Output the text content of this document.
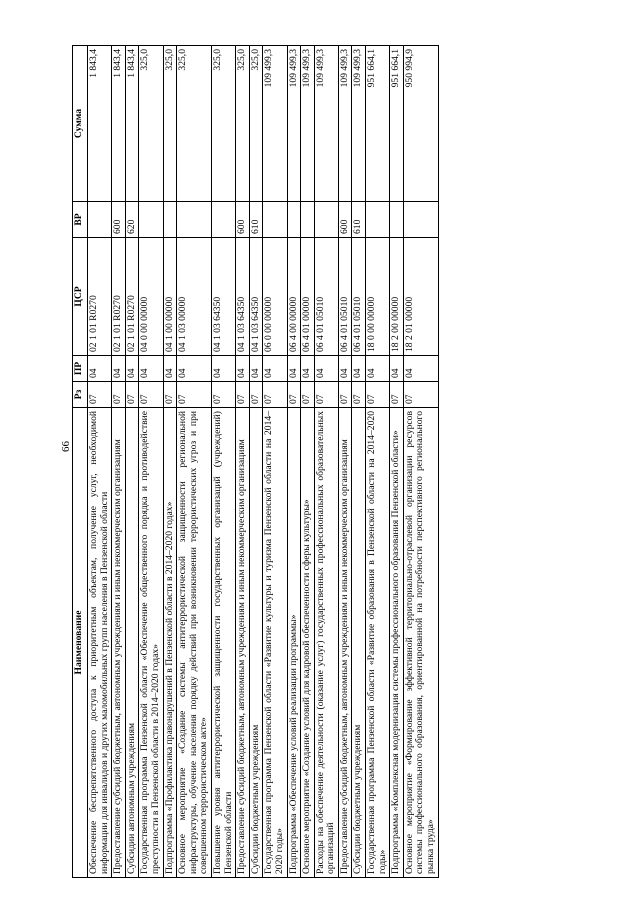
66
Наименование	Рз	ПР	ЦСР	ВР	Сумма
Обеспечение беспрепятственного доступа к приоритетным объектам, получение услуг, необходимой информации для инвалидов и других маломобильных групп населения в Пензенской области	07	04	02 1 01 R0270		1 843,4
Предоставление субсидий бюджетным, автономным учреждениям и иным некоммерческим организациям	07	04	02 1 01 R0270	600	1 843,4
Субсидии автономным учреждениям	07	04	02 1 01 R0270	620	1 843,4
Государственная программа Пензенской области «Обеспечение общественного порядка и противодействие преступности в Пензенской области в 2014–2020 годах»	07	04	04 0 00 00000		325,0
Подпрограмма «Профилактика правонарушений в Пензенской области в 2014–2020 годах»	07	04	04 1 00 00000		325,0
Основное мероприятие «Создание системы антитеррористической защищенности региональной инфраструктуры, обучение населения порядку действий при возникновении террористических угроз и при совершенном террористическом акте»	07	04	04 1 03 00000		325,0
Повышение уровня антитеррористической защищенности государственных организаций (учреждений) Пензенской области	07	04	04 1 03 64350		325,0
Предоставление субсидий бюджетным, автономным учреждениям и иным некоммерческим организациям	07	04	04 1 03 64350	600	325,0
Субсидии бюджетным учреждениям	07	04	04 1 03 64350	610	325,0
Государственная программа Пензенской области «Развитие культуры и туризма Пензенской области на 2014–2020 годы»	07	04	06 0 00 00000		109 499,3
Подпрограмма «Обеспечение условий реализации программы»	07	04	06 4 00 00000		109 499,3
Основное мероприятие «Создание условий для кадровой обеспеченности сферы культуры»	07	04	06 4 01 00000		109 499,3
Расходы на обеспечение деятельности (оказание услуг) государственных профессиональных образовательных организаций	07	04	06 4 01 05010		109 499,3
Предоставление субсидий бюджетным, автономным учреждениям и иным некоммерческим организациям	07	04	06 4 01 05010	600	109 499,3
Субсидии бюджетным учреждениям	07	04	06 4 01 05010	610	109 499,3
Государственная программа Пензенской области «Развитие образования в Пензенской области на 2014–2020 годы»	07	04	18 0 00 00000		951 664,1
Подпрограмма «Комплексная модернизация системы профессионального образования Пензенской области»	07	04	18 2 00 00000		951 664,1
Основное мероприятие «Формирование эффективной территориально-отраслевой организации ресурсов системы профессионального образования, ориентированной на потребности перспективного регионального рынка труда»	07	04	18 2 01 00000		950 994,9
